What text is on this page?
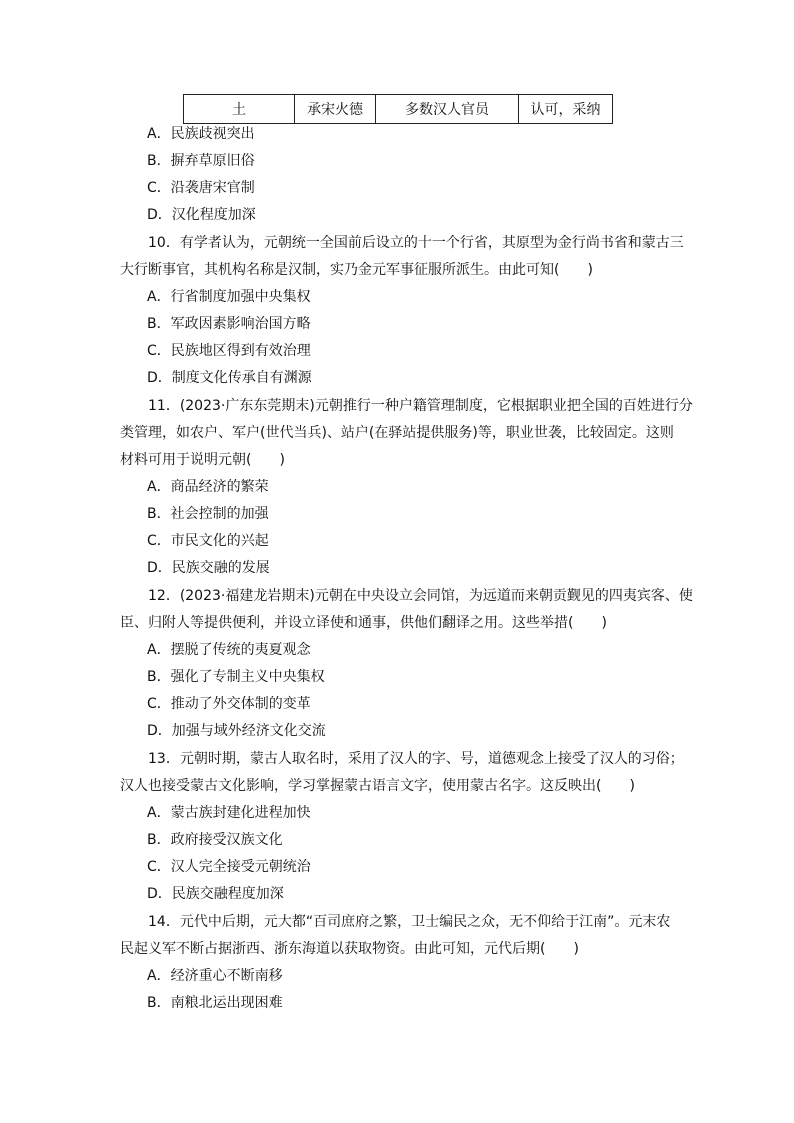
土	承宋火德	多数汉人官员	认可，采纳
A．民族歧视突出
B．摒弃草原旧俗
C．沿袭唐宋官制
D．汉化程度加深
10．有学者认为，元朝统一全国前后设立的十一个行省，其原型为金行尚书省和蒙古三
大行断事官，其机构名称是汉制，实乃金元军事征服所派生。由此可知(　　)
A．行省制度加强中央集权
B．军政因素影响治国方略
C．民族地区得到有效治理
D．制度文化传承自有渊源
11．(2023·广东东莞期末)元朝推行一种户籍管理制度，它根据职业把全国的百姓进行分
类管理，如农户、军户(世代当兵)、站户(在驿站提供服务)等，职业世袭，比较固定。这则
材料可用于说明元朝(　　)
A．商品经济的繁荣
B．社会控制的加强
C．市民文化的兴起
D．民族交融的发展
12．(2023·福建龙岩期末)元朝在中央设立会同馆，为远道而来朝贡觐见的四夷宾客、使
臣、归附人等提供便利，并设立译使和通事，供他们翻译之用。这些举措(　　)
A．摆脱了传统的夷夏观念
B．强化了专制主义中央集权
C．推动了外交体制的变革
D．加强与域外经济文化交流
13．元朝时期，蒙古人取名时，采用了汉人的字、号，道德观念上接受了汉人的习俗；
汉人也接受蒙古文化影响，学习掌握蒙古语言文字，使用蒙古名字。这反映出(　　)
A．蒙古族封建化进程加快
B．政府接受汉族文化
C．汉人完全接受元朝统治
D．民族交融程度加深
14．元代中后期，元大都“百司庶府之繁，卫士编民之众，无不仰给于江南”。元末农
民起义军不断占据浙西、浙东海道以获取物资。由此可知，元代后期(　　)
A．经济重心不断南移
B．南粮北运出现困难
